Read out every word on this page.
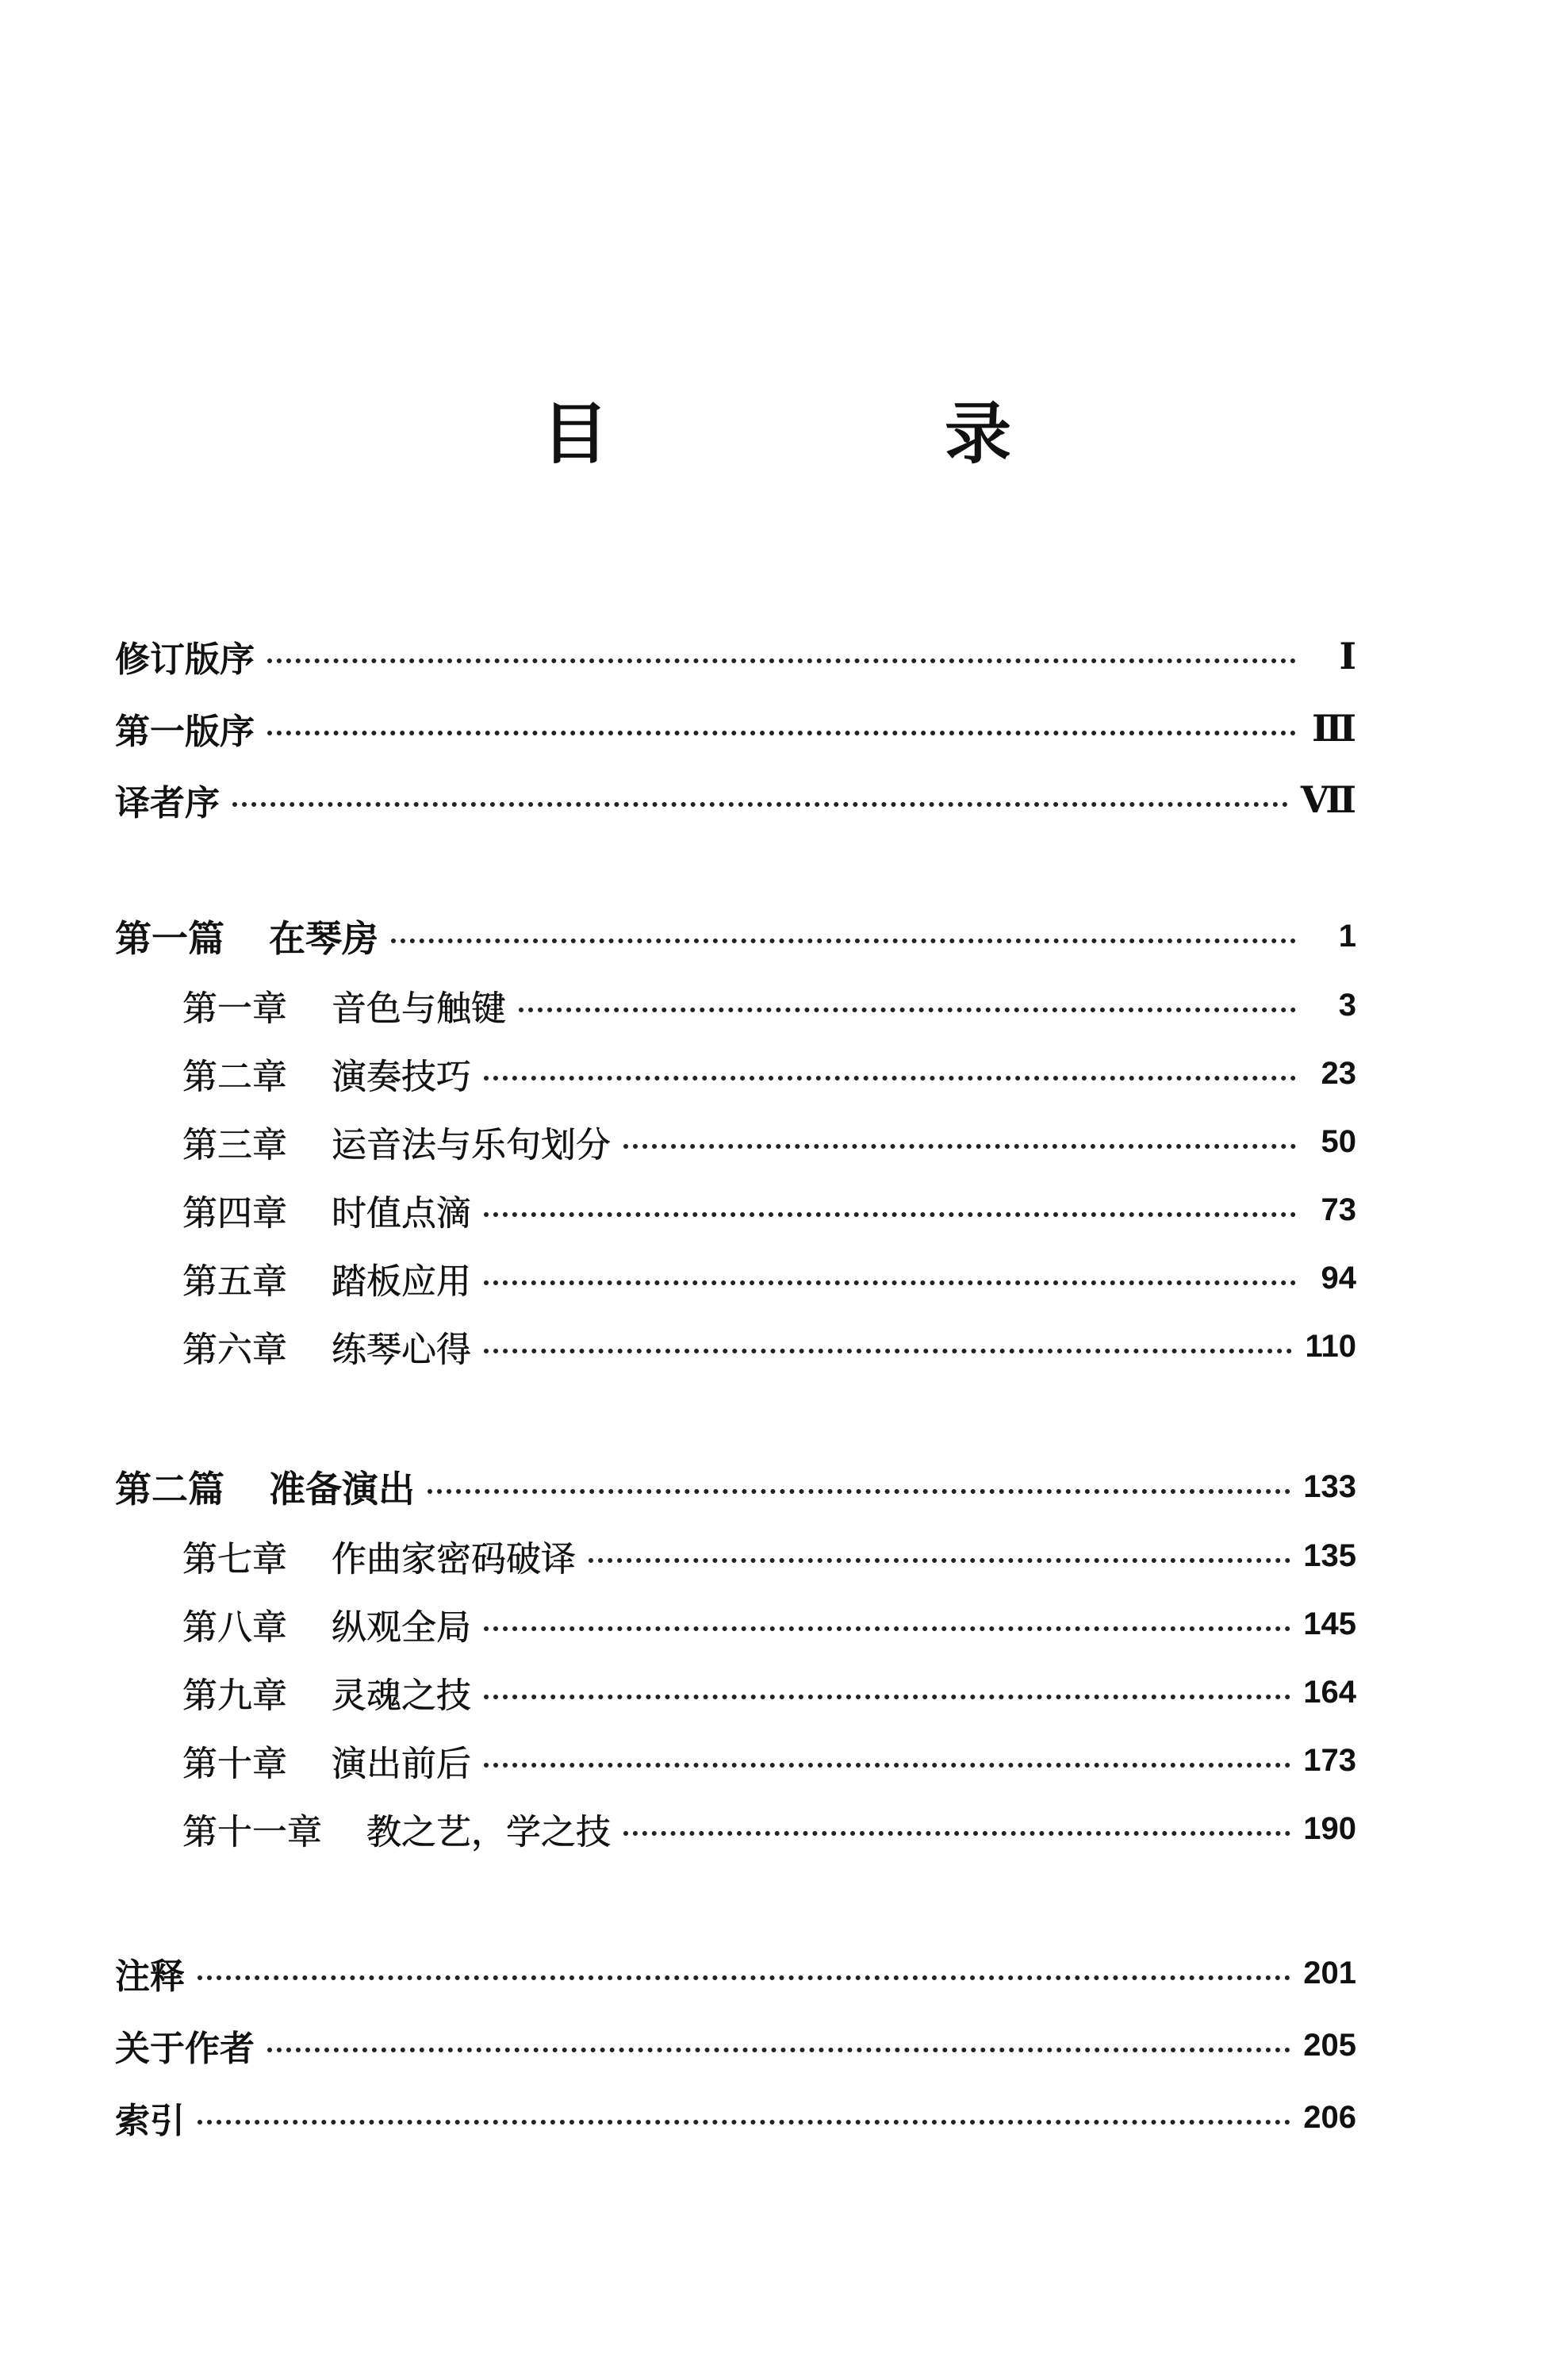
目　录
修订版序	Ⅰ
第一版序	Ⅲ
译者序	Ⅶ
第一篇 在琴房	1
第一章 音色与触键	3
第二章 演奏技巧	23
第三章 运音法与乐句划分	50
第四章 时值点滴	73
第五章 踏板应用	94
第六章 练琴心得	110
第二篇 准备演出	133
第七章 作曲家密码破译	135
第八章 纵观全局	145
第九章 灵魂之技	164
第十章 演出前后	173
第十一章 教之艺，学之技	190
注释	201
关于作者	205
索引	206
